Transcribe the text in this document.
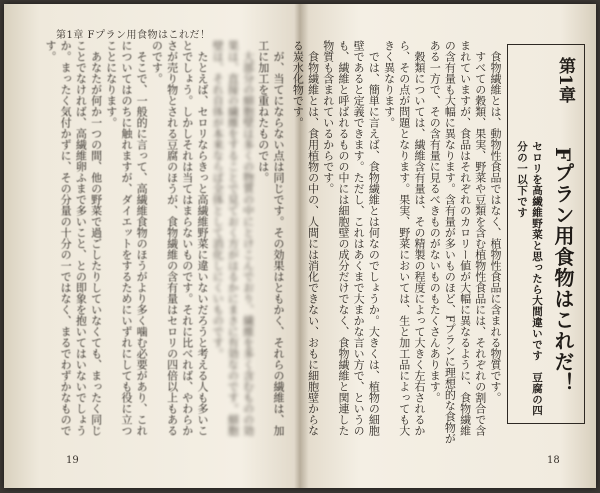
第1章 Fプラン用食物はこれだ！

が、当てにならない点は同じです。その効果はともかく、それらの繊維は、加工に加工を重ねたものでは。

大部分の細胞壁は多くの物質の中にとけこんでおり、繊維を多く含むものの効果は、直接の繊維をすることで見ておく方がはるかにまさに有効なのです。細胞壁は、それ自体が本来ならば全体として消化しにくいものです。

たとえば、セロリならきっと高繊維野菜に違いないだろうと考える人も多いことでしょう。しかしそれは当てはまらないものです。それに比べれば、やわらかさが売り物とされる豆腐のほうが、食物繊維の含有量はセロリの四倍以上もあるのです。

そこで、一般的に言って、高繊維食物のほうがより多く噛む必要があり、これについてはのちに触れますが、ダイエットをするためにいずれにしても役に立つことになります。

あなたが何か一つの間、他の野菜で過ごしたりしていなくても、まったく同じことでなければ、高繊維卵ふまで多いこと、との即象を抱いてはいないでしょうか。まったく気付かずに、その分量の十分の一ではなく、まるでわずかなものです。

19
第1章
Fプラン用食物はこれだ！
セロリを高繊維野菜と思ったら大間違いです　豆腐の四分の一以下です

食物繊維とは、動物性食品ではなく、植物性食品に含まれる物質です。

すべての穀類、果実、野菜や豆類を含む植物性食品には、それぞれの割合で含まれていますが、食品はそれぞれのカロリー値が大幅に異なるように、食物繊維の含有量も大幅に異なります。含有量が多いものほど、Fプランに理想的な食物がある一方で、その含有量に見るべきものがないものもたくさんあります。

穀類については、繊維含有量は、その精製の程度によって大きく左右されるから、その点が問題となります。果実、野菜においては、生と加工品によっても大きく異なります。

では、簡単に言えば、食物繊維とは何なのでしょうか。大きくは、植物の細胞壁であると定義できます。ただし、これはあくまで大まかな言い方で、というのも、繊維と呼ばれるものの中には細胞壁の成分だけでなく、食物繊維と関連した物質も含まれているからです。

食物繊維とは、食用植物の中の、人間には消化できない、おもに細胞壁からなる炭水化物です。

18
